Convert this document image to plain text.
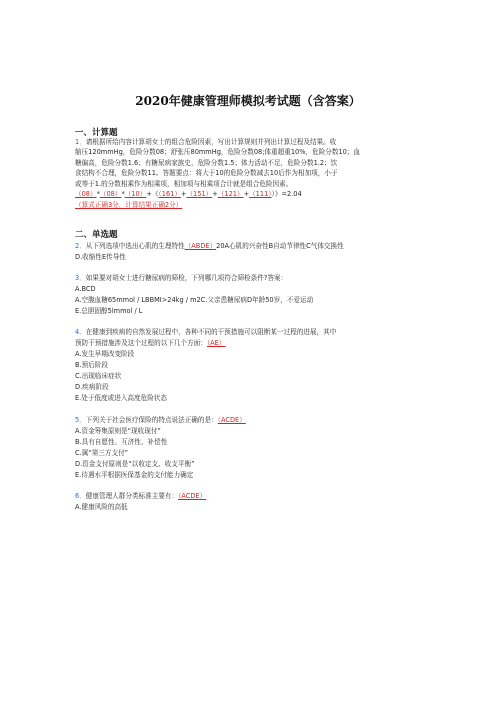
2020年健康管理师模拟考试题（含答案）
一、计算题
1．请根据所给内容计算胡女士的组合危险因素，写出计算规则并列出计算过程及结果。收
缩压120mmHg，危险分数08；舒张压80mmHg，危险分数08;体重超重10%，危险分数10；血
糖偏高，危险分数1.6；有糖尿病家族史，危险分数1.5；体力活动不足，危险分数1.2；饮
食结构不合理，危险分数11。答题要点：将大于10的危险分数减去10后作为相加项，小于
或等于1.的分数相乘作为相乘项，相加项与相乘项合计就是组合危险因素。
（08）*（08）*（10）+《（161）+（151）+（121）+（111））》=2.04
（算式正确3分，计算结果正确2分）
二、单选题
2．从下列选项中选出心肌的生理特性（ABDE）20A心肌的兴奋性B自动节律性C气体交换性
D.收缩性E传导性
3．如果要对胡女士进行糖尿病的筛检，下列哪几项符合筛检条件?答案：
A.BCD
A.空腹血糖65mmol / LBBMI>24kg / m2C.父亲患糖尿病D年龄50岁，不爱运动
E.总胆固醇5lmmol / L
4．在健康到疾病的自然发展过程中，各种不同的干预措施可以阻断某一过程的进展，其中
预防干预措施涉及这个过程的以下几个方面：（AE）
A.发生早期改变阶段
B.预后阶段
C.出现临床症状
D.疾病阶段
E.处于低度或进入高度危险状态
5．下列关于社会医疗保险的特点说法正确的是：（ACDE）
A.资金筹集原则是“现收现付”
B.具有自愿性、互济性、补偿性
C.属“第三方支付”
D.资金支付原则是“以收定支、收支平衡”
E.待遇水平根据医保基金的支付能力确定
6．健康管理人群分类标准主要有：（ACDE）
A.健康风险的高低
